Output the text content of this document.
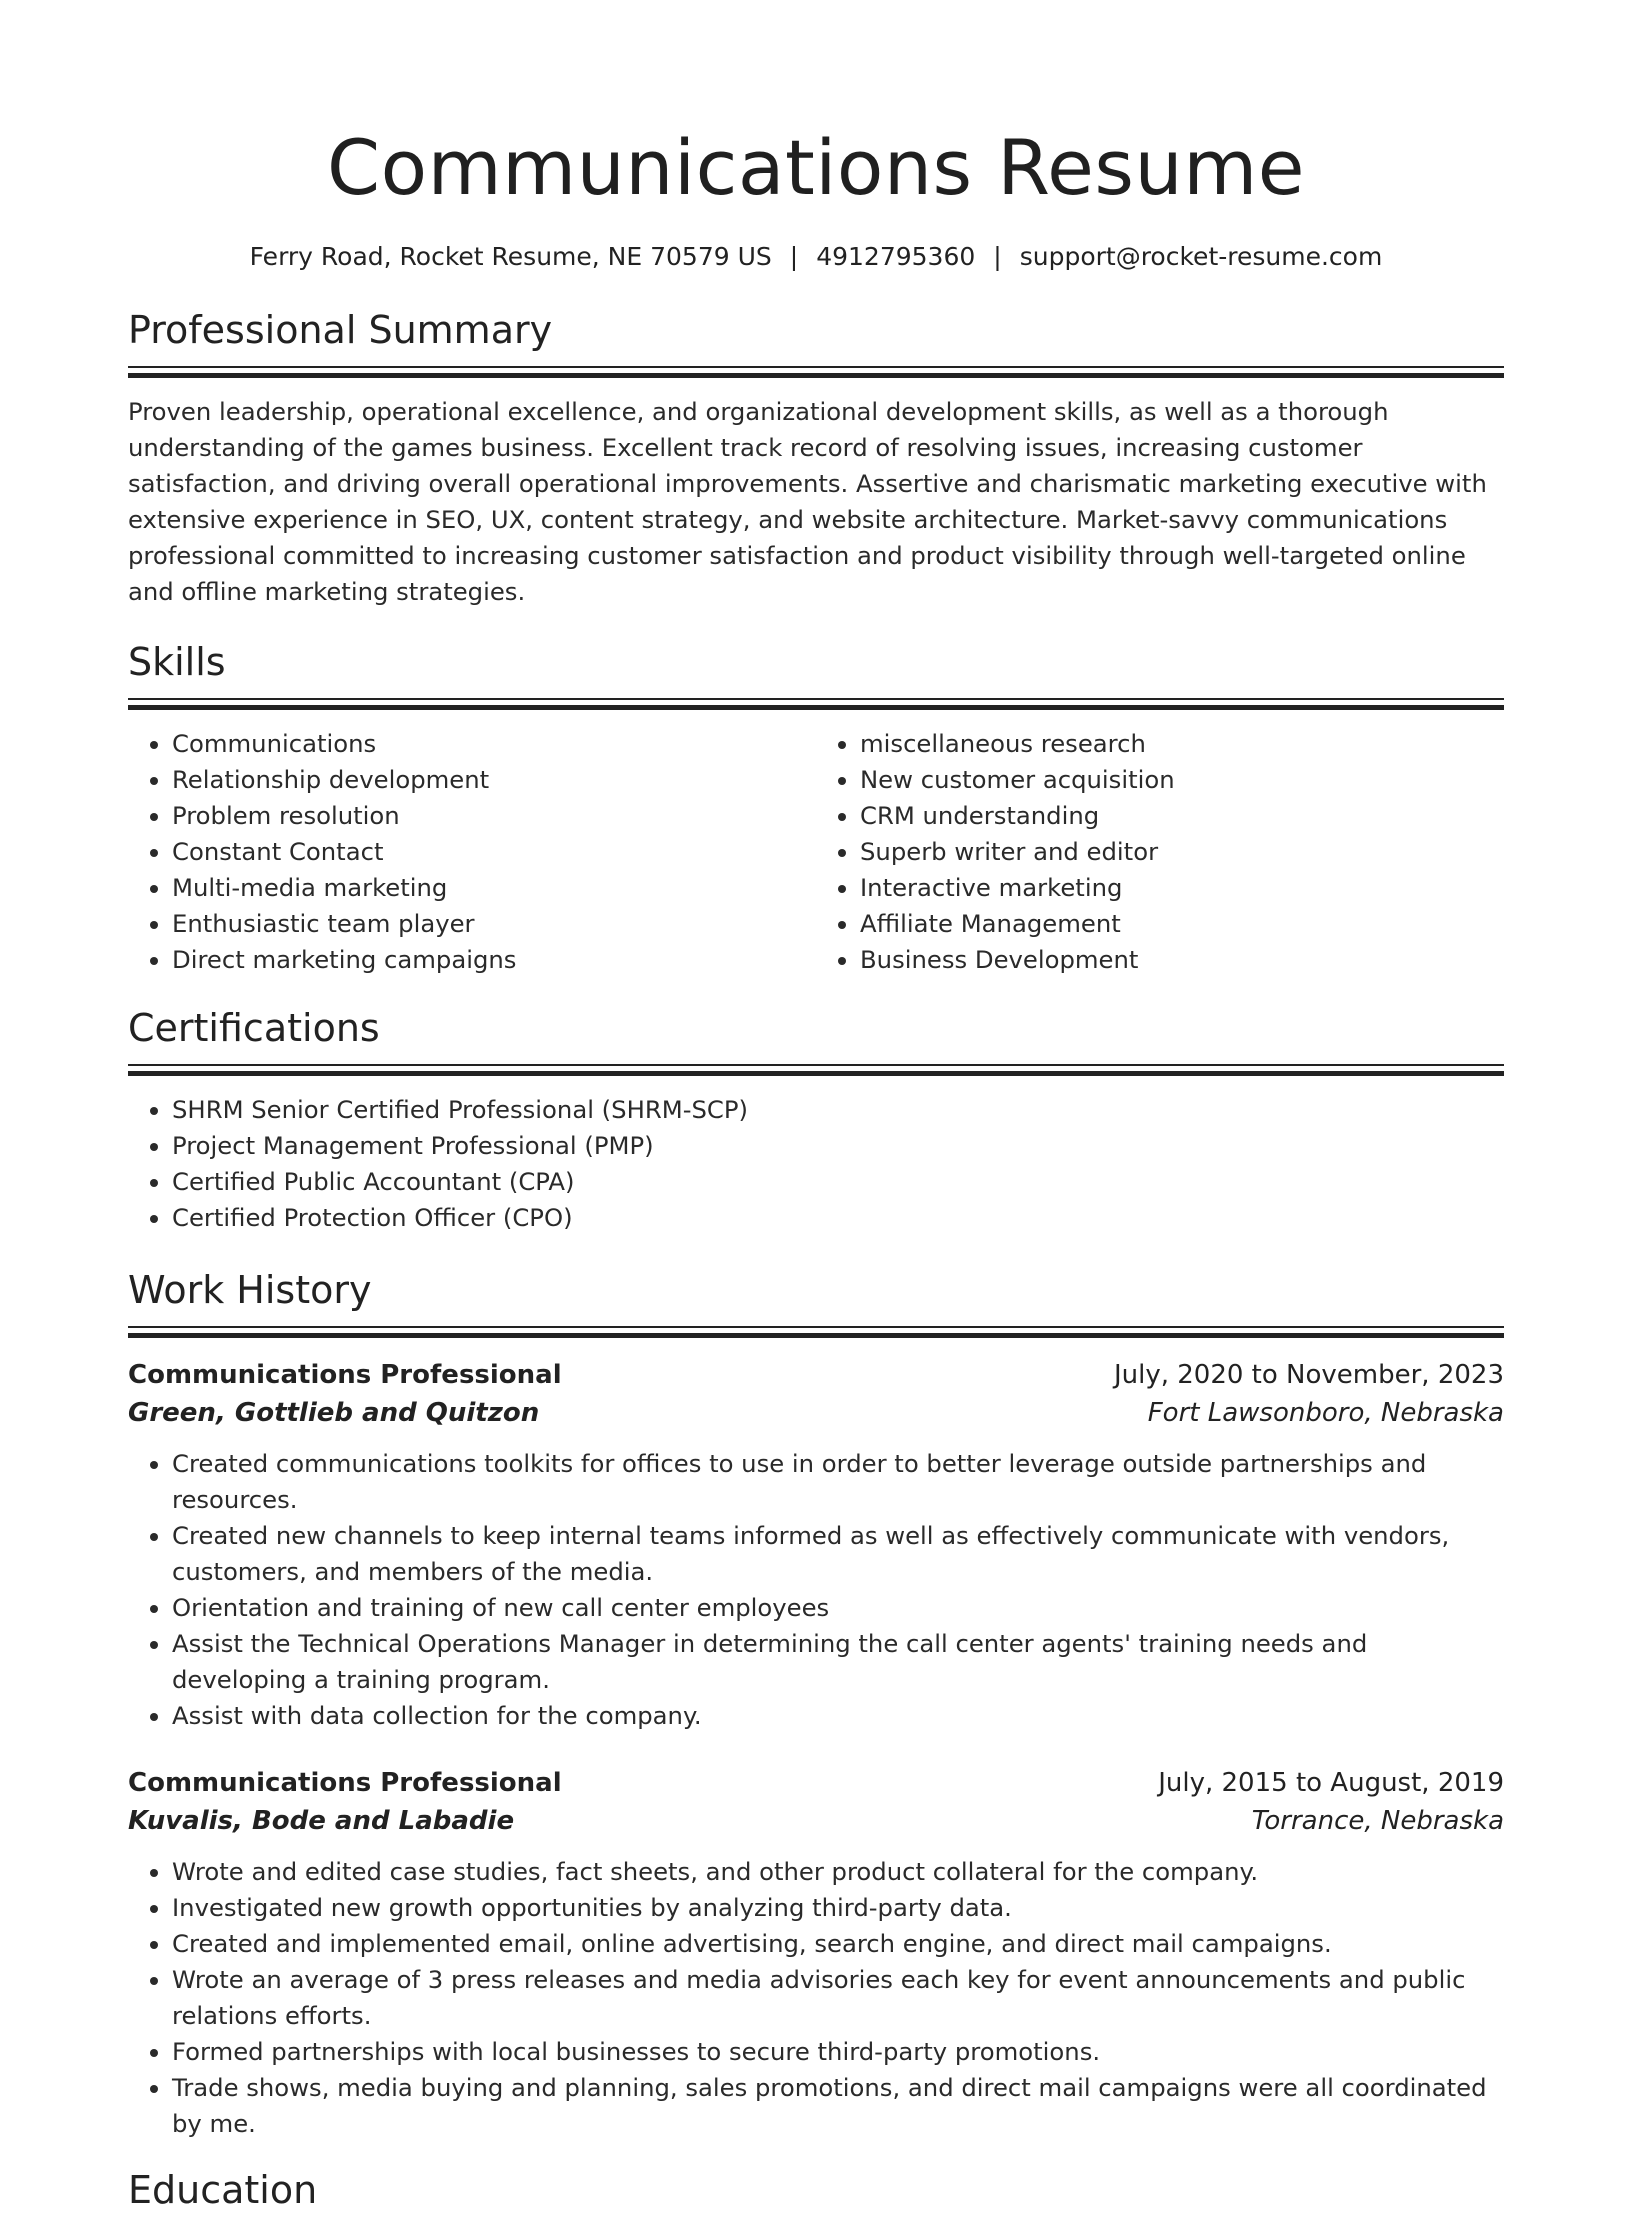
Communications Resume
Ferry Road, Rocket Resume, NE 70579 US | 4912795360 | support@rocket-resume.com
Professional Summary
Proven leadership, operational excellence, and organizational development skills, as well as a thorough understanding of the games business. Excellent track record of resolving issues, increasing customer satisfaction, and driving overall operational improvements. Assertive and charismatic marketing executive with extensive experience in SEO, UX, content strategy, and website architecture. Market-savvy communications professional committed to increasing customer satisfaction and product visibility through well-targeted online and offline marketing strategies.
Skills
• Communications
• Relationship development
• Problem resolution
• Constant Contact
• Multi-media marketing
• Enthusiastic team player
• Direct marketing campaigns
• miscellaneous research
• New customer acquisition
• CRM understanding
• Superb writer and editor
• Interactive marketing
• Affiliate Management
• Business Development
Certifications
• SHRM Senior Certified Professional (SHRM-SCP)
• Project Management Professional (PMP)
• Certified Public Accountant (CPA)
• Certified Protection Officer (CPO)
Work History
Communications Professional	July, 2020 to November, 2023
Green, Gottlieb and Quitzon	Fort Lawsonboro, Nebraska
• Created communications toolkits for offices to use in order to better leverage outside partnerships and resources.
• Created new channels to keep internal teams informed as well as effectively communicate with vendors, customers, and members of the media.
• Orientation and training of new call center employees
• Assist the Technical Operations Manager in determining the call center agents' training needs and developing a training program.
• Assist with data collection for the company.
Communications Professional	July, 2015 to August, 2019
Kuvalis, Bode and Labadie	Torrance, Nebraska
• Wrote and edited case studies, fact sheets, and other product collateral for the company.
• Investigated new growth opportunities by analyzing third-party data.
• Created and implemented email, online advertising, search engine, and direct mail campaigns.
• Wrote an average of 3 press releases and media advisories each key for event announcements and public relations efforts.
• Formed partnerships with local businesses to secure third-party promotions.
• Trade shows, media buying and planning, sales promotions, and direct mail campaigns were all coordinated by me.
Education
